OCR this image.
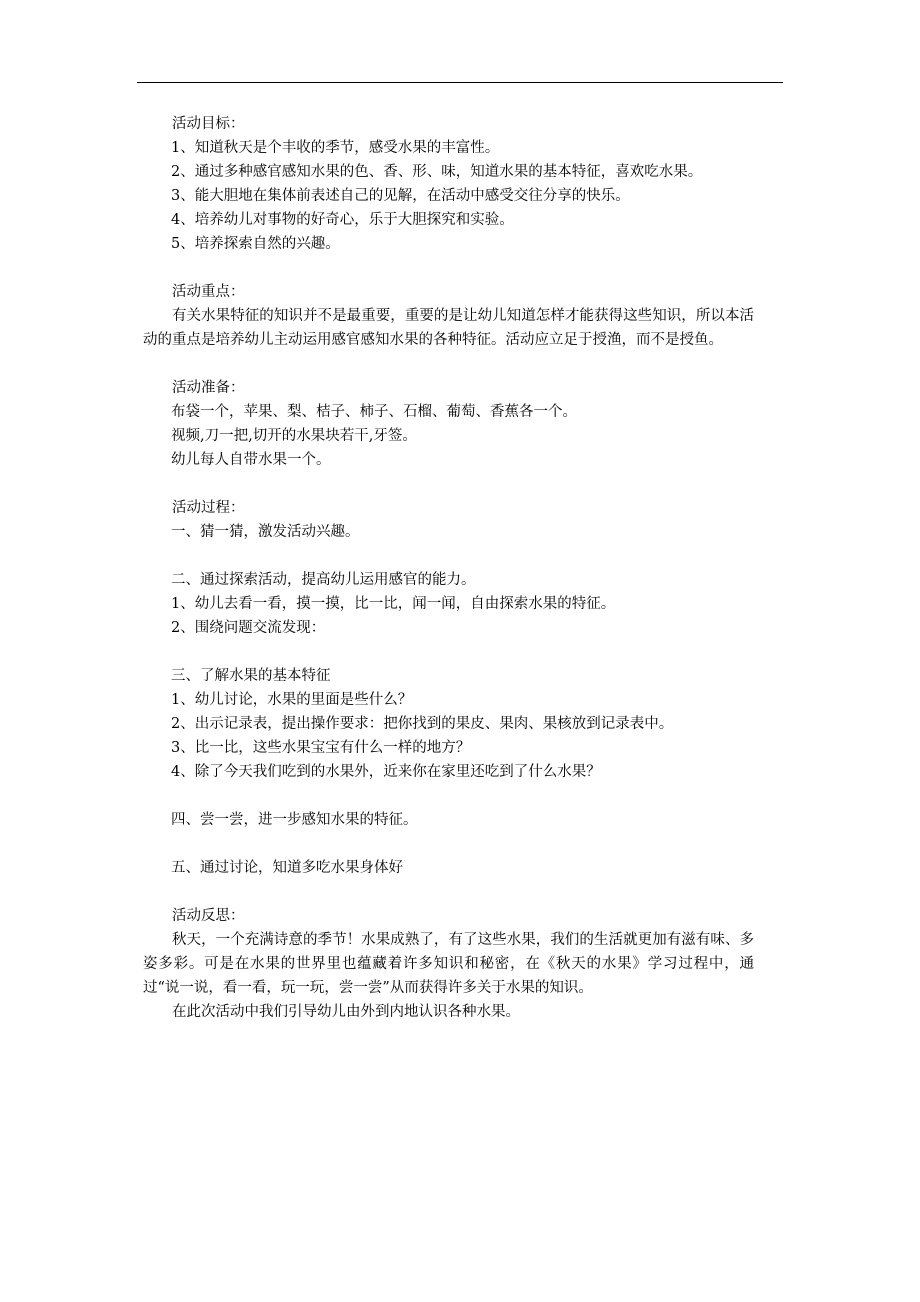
活动目标：
1、知道秋天是个丰收的季节，感受水果的丰富性。
2、通过多种感官感知水果的色、香、形、味，知道水果的基本特征，喜欢吃水果。
3、能大胆地在集体前表述自己的见解，在活动中感受交往分享的快乐。
4、培养幼儿对事物的好奇心，乐于大胆探究和实验。
5、培养探索自然的兴趣。
活动重点：
有关水果特征的知识并不是最重要，重要的是让幼儿知道怎样才能获得这些知识，所以本活动的重点是培养幼儿主动运用感官感知水果的各种特征。活动应立足于授渔，而不是授鱼。
活动准备：
布袋一个，苹果、梨、桔子、柿子、石榴、葡萄、香蕉各一个。
视频,刀一把,切开的水果块若干,牙签。
幼儿每人自带水果一个。
活动过程：
一、猜一猜，激发活动兴趣。
二、通过探索活动，提高幼儿运用感官的能力。
1、幼儿去看一看，摸一摸，比一比，闻一闻，自由探索水果的特征。
2、围绕问题交流发现：
三、了解水果的基本特征
1、幼儿讨论，水果的里面是些什么？
2、出示记录表，提出操作要求：把你找到的果皮、果肉、果核放到记录表中。
3、比一比，这些水果宝宝有什么一样的地方？
4、除了今天我们吃到的水果外，近来你在家里还吃到了什么水果？
四、尝一尝，进一步感知水果的特征。
五、通过讨论，知道多吃水果身体好
活动反思：
秋天，一个充满诗意的季节！水果成熟了，有了这些水果，我们的生活就更加有滋有味、多姿多彩。可是在水果的世界里也蕴藏着许多知识和秘密，在《秋天的水果》学习过程中，通过“说一说，看一看，玩一玩，尝一尝”从而获得许多关于水果的知识。
在此次活动中我们引导幼儿由外到内地认识各种水果。
